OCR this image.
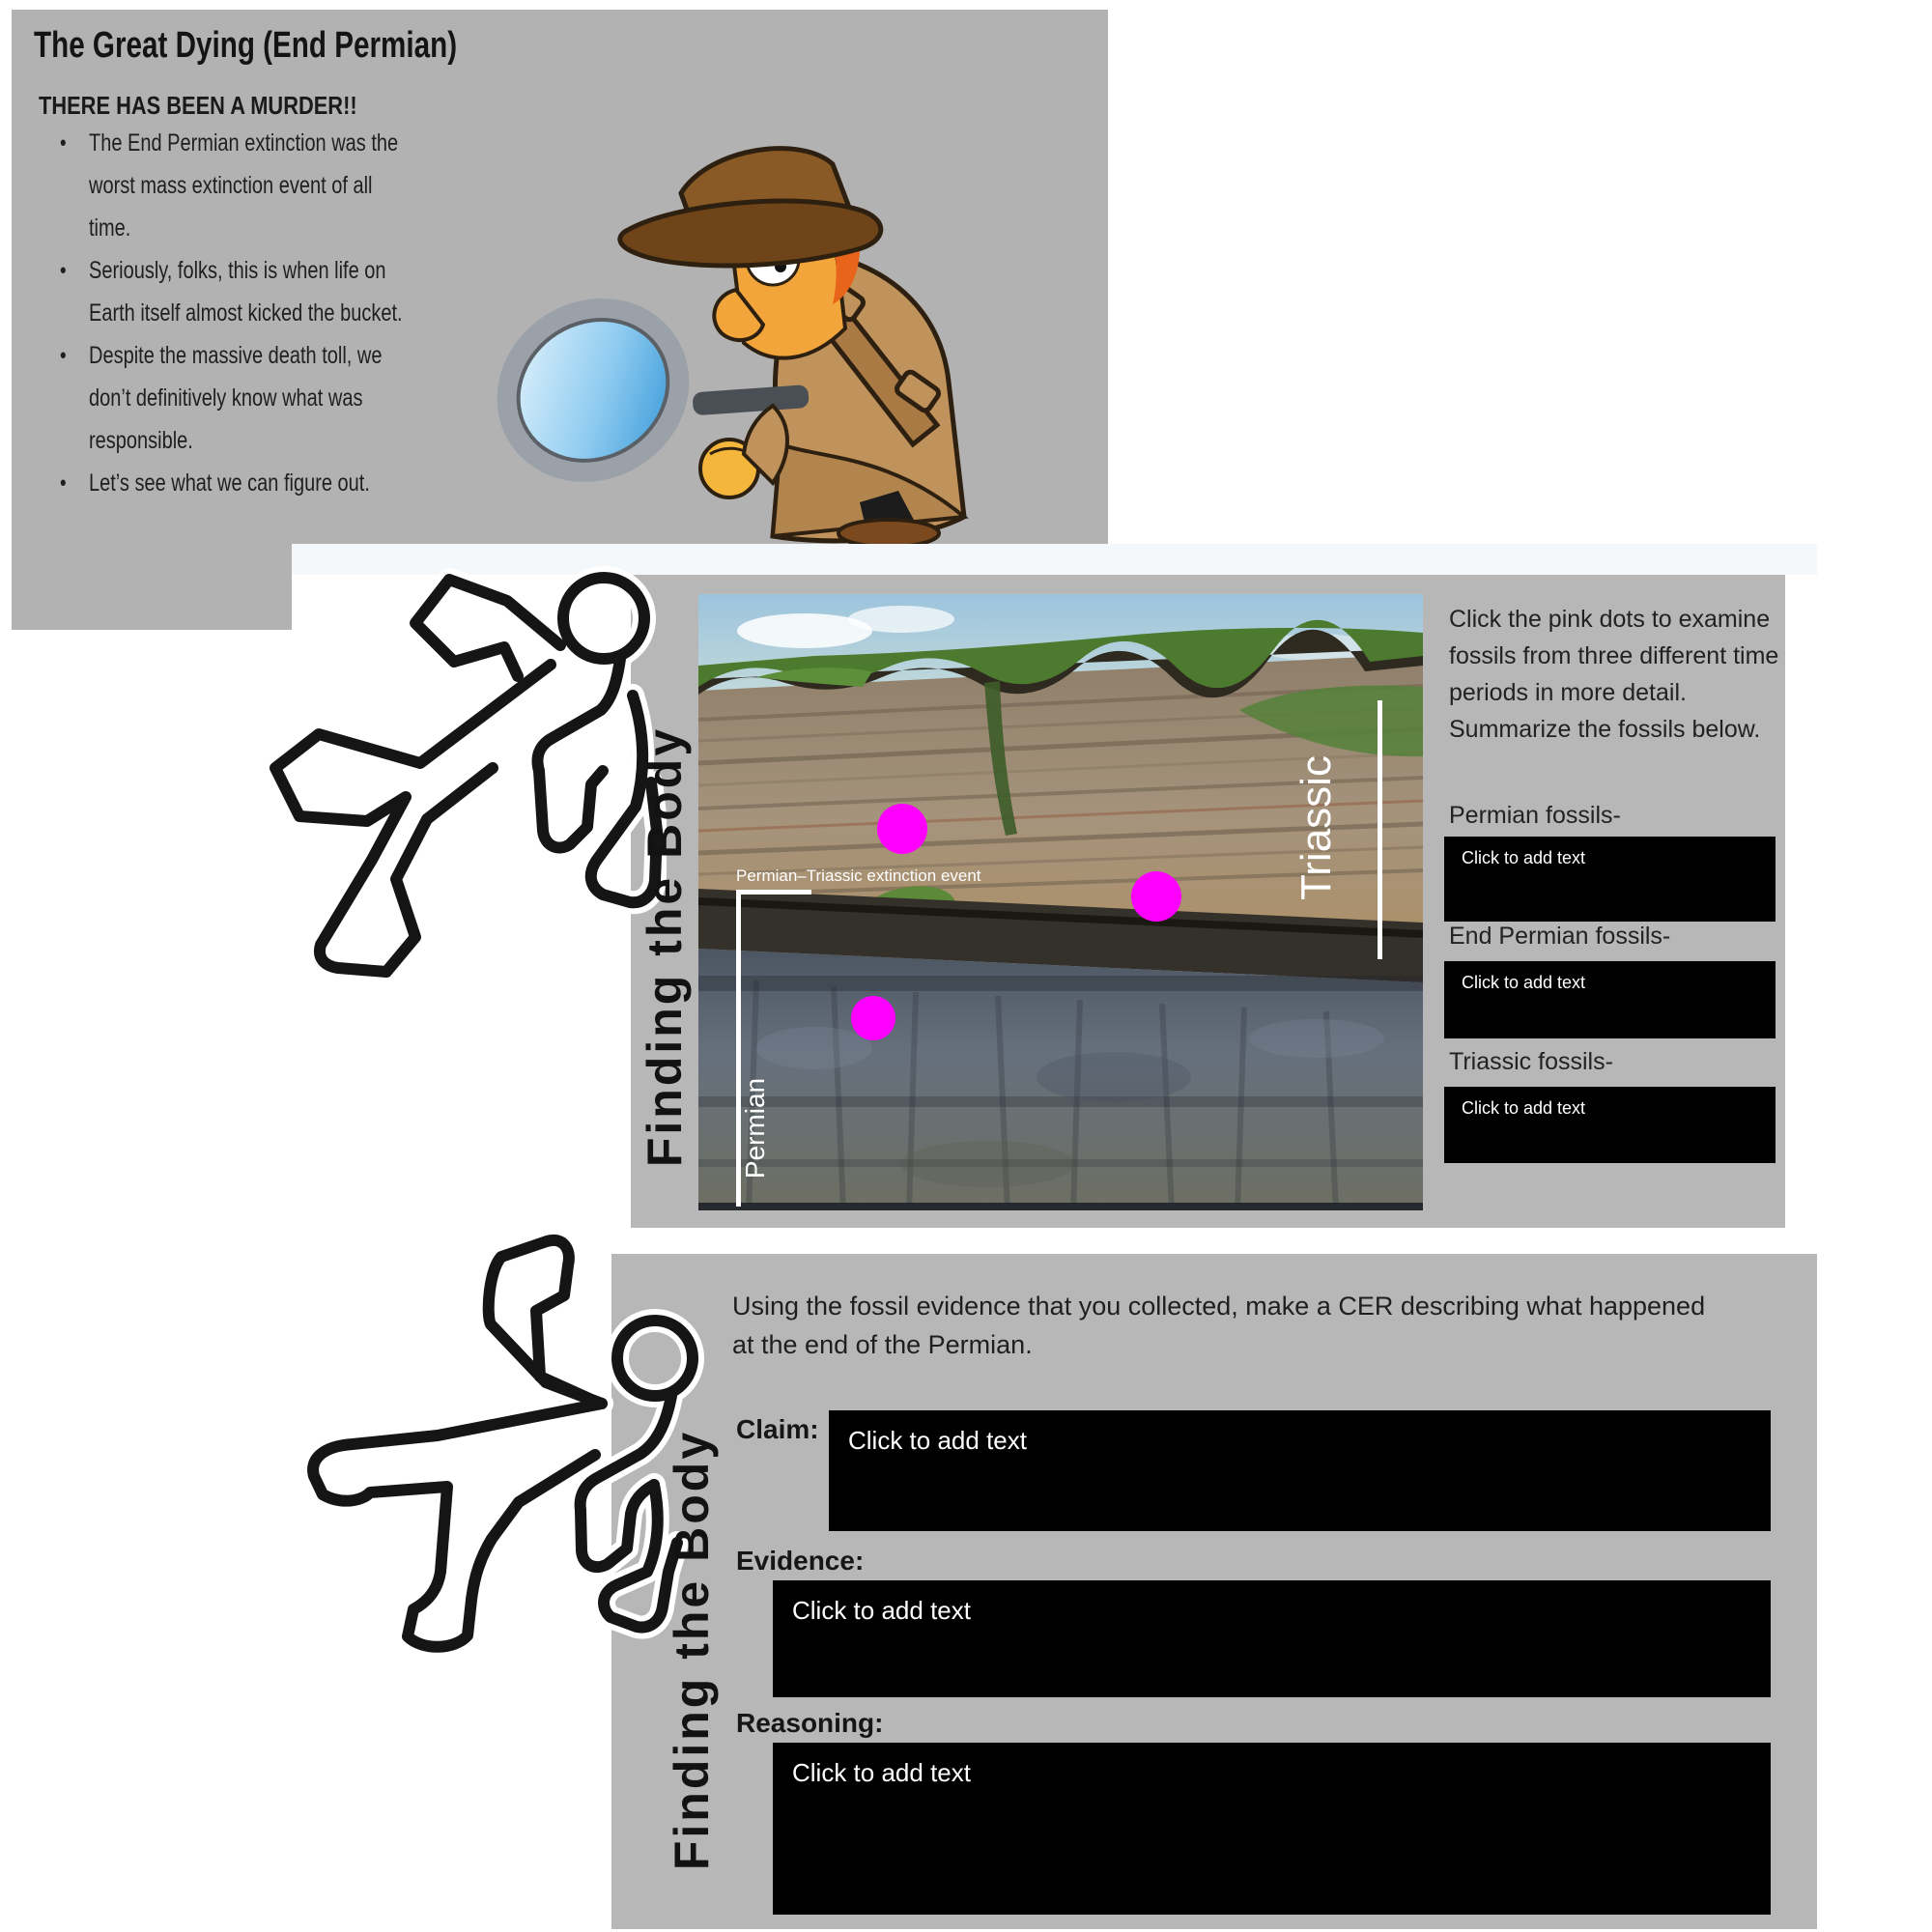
The Great Dying (End Permian)
THERE HAS BEEN A MURDER!!
● The End Permian extinction was the worst mass extinction event of all time.
● Seriously, folks, this is when life on Earth itself almost kicked the bucket.
● Despite the massive death toll, we don’t definitively know what was responsible.
● Let’s see what we can figure out.
Finding the Body	Triassic
Permian–Triassic extinction event
Permian
Click the pink dots to examine fossils from three different time periods in more detail. Summarize the fossils below.
Permian fossils-
Click to add text
End Permian fossils-
Click to add text
Triassic fossils-
Click to add text
Finding the Body
Using the fossil evidence that you collected, make a CER describing what happened at the end of the Permian.
Claim: Click to add text
Evidence:
Click to add text
Reasoning:
Click to add text
